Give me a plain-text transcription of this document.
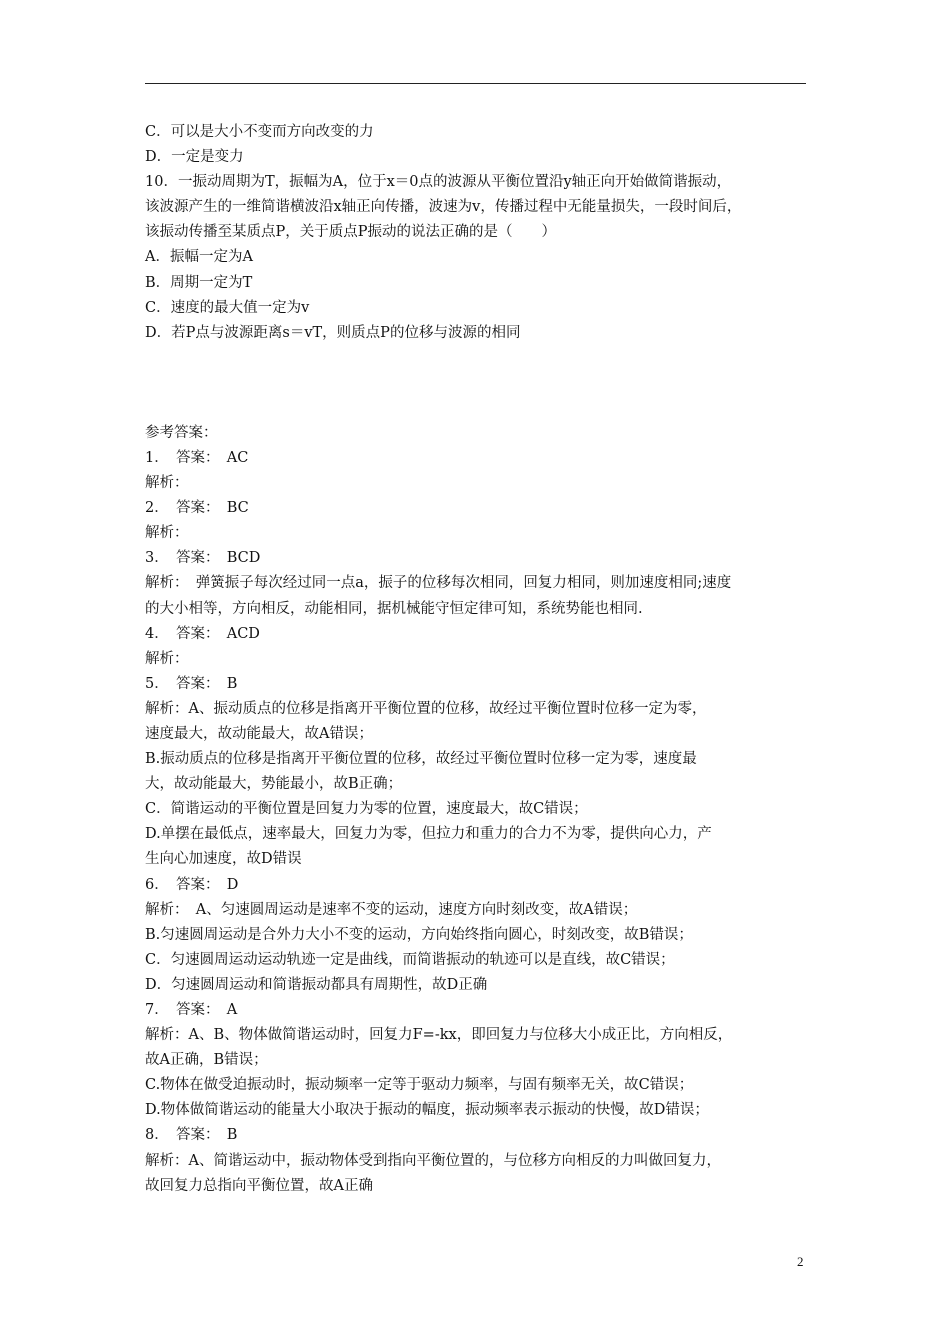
C．可以是大小不变而方向改变的力
D．一定是变力
10．一振动周期为T，振幅为A，位于x＝0点的波源从平衡位置沿y轴正向开始做简谐振动，
该波源产生的一维简谐横波沿x轴正向传播，波速为v，传播过程中无能量损失，一段时间后，
该振动传播至某质点P，关于质点P振动的说法正确的是（　　）
A．振幅一定为A
B．周期一定为T
C．速度的最大值一定为v
D．若P点与波源距离s＝vT，则质点P的位移与波源的相同
参考答案：
1．　答案：　AC
解析：
2．　答案：　BC
解析：
3．　答案：　BCD
解析：　弹簧振子每次经过同一点a，振子的位移每次相同，回复力相同，则加速度相同;速度
的大小相等，方向相反，动能相同，据机械能守恒定律可知，系统势能也相同.
4．　答案：　ACD
解析：
5．　答案：　B
解析：A、振动质点的位移是指离开平衡位置的位移，故经过平衡位置时位移一定为零，
速度最大，故动能最大，故A错误；
B.振动质点的位移是指离开平衡位置的位移，故经过平衡位置时位移一定为零，速度最
大，故动能最大，势能最小，故B正确；
C．简谐运动的平衡位置是回复力为零的位置，速度最大，故C错误；
D.单摆在最低点，速率最大，回复力为零，但拉力和重力的合力不为零，提供向心力，产
生向心加速度，故D错误
6．　答案：　D
解析：　A、匀速圆周运动是速率不变的运动，速度方向时刻改变，故A错误；
B.匀速圆周运动是合外力大小不变的运动，方向始终指向圆心，时刻改变，故B错误；
C．匀速圆周运动运动轨迹一定是曲线，而简谐振动的轨迹可以是直线，故C错误；
D．匀速圆周运动和简谐振动都具有周期性，故D正确
7．　答案：　A
解析：A、B、物体做简谐运动时，回复力F=-kx，即回复力与位移大小成正比，方向相反，
故A正确，B错误；
C.物体在做受迫振动时，振动频率一定等于驱动力频率，与固有频率无关，故C错误；
D.物体做简谐运动的能量大小取决于振动的幅度，振动频率表示振动的快慢，故D错误；
8．　答案：　B
解析：A、简谐运动中，振动物体受到指向平衡位置的，与位移方向相反的力叫做回复力，
故回复力总指向平衡位置，故A正确
2
